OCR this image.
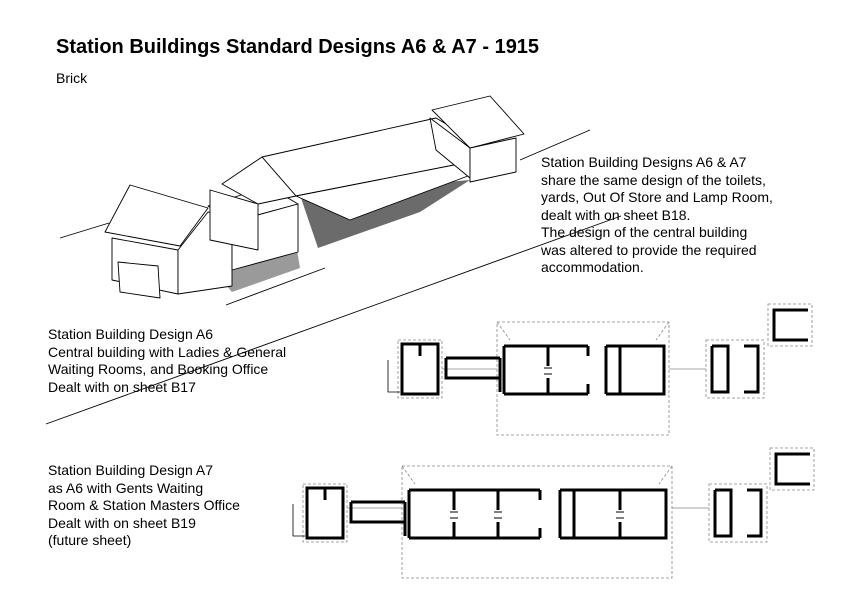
Station Buildings Standard Designs A6 & A7 - 1915
Brick
Station Building Designs A6 & A7
share the same design of the toilets,
yards, Out Of Store and Lamp Room,
dealt with on sheet B18.
The design of the central building
was altered to provide the required
accommodation.
Station Building Design A6
Central building with Ladies & General
Waiting Rooms, and Booking Office
Dealt with on sheet B17
Station Building Design A7
as A6 with Gents Waiting
Room & Station Masters Office
Dealt with on sheet B19
(future sheet)
